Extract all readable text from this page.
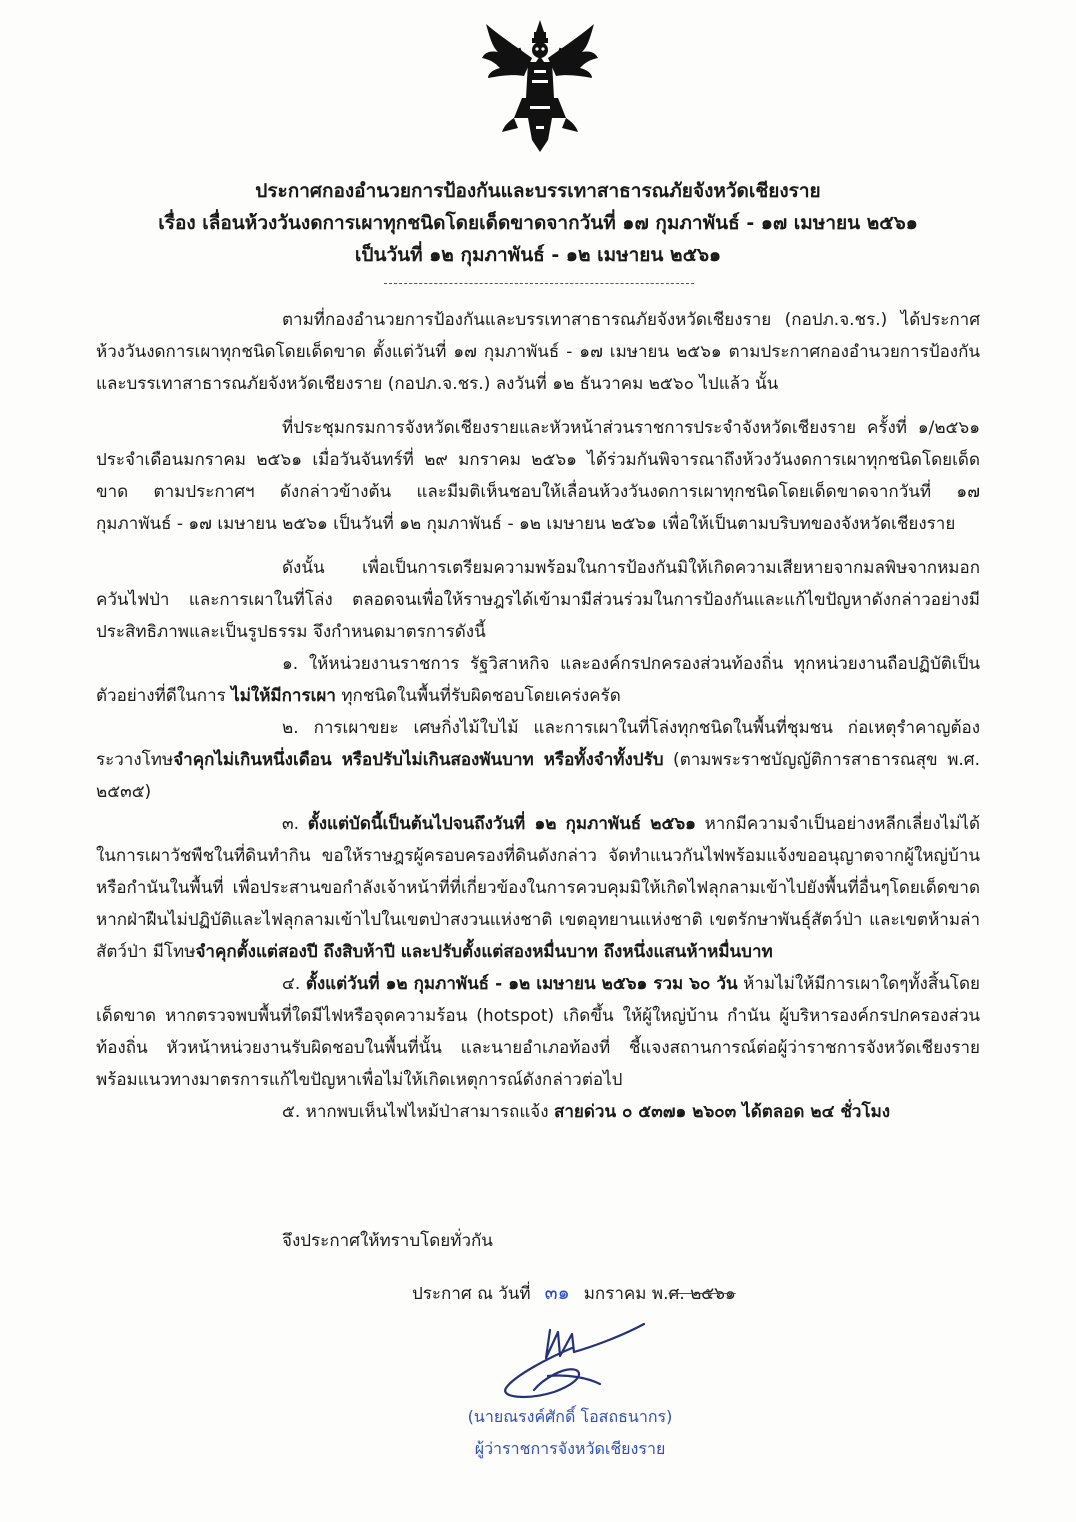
ประกาศกองอำนวยการป้องกันและบรรเทาสาธารณภัยจังหวัดเชียงราย
เรื่อง เลื่อนห้วงวันงดการเผาทุกชนิดโดยเด็ดขาดจากวันที่ ๑๗ กุมภาพันธ์ - ๑๗ เมษายน ๒๕๖๑
เป็นวันที่ ๑๒ กุมภาพันธ์ - ๑๒ เมษายน ๒๕๖๑

ตามที่กองอำนวยการป้องกันและบรรเทาสาธารณภัยจังหวัดเชียงราย (กอปภ.จ.ชร.) ได้ประกาศห้วงวันงดการเผาทุกชนิดโดยเด็ดขาด ตั้งแต่วันที่ ๑๗ กุมภาพันธ์ - ๑๗ เมษายน ๒๕๖๑ ตามประกาศกองอำนวยการป้องกันและบรรเทาสาธารณภัยจังหวัดเชียงราย (กอปภ.จ.ชร.) ลงวันที่ ๑๒ ธันวาคม ๒๕๖๐ ไปแล้ว นั้น

ที่ประชุมกรมการจังหวัดเชียงรายและหัวหน้าส่วนราชการประจำจังหวัดเชียงราย ครั้งที่ ๑/๒๕๖๑ ประจำเดือนมกราคม ๒๕๖๑ เมื่อวันจันทร์ที่ ๒๙ มกราคม ๒๕๖๑ ได้ร่วมกันพิจารณาถึงห้วงวันงดการเผาทุกชนิดโดยเด็ดขาด ตามประกาศฯ ดังกล่าวข้างต้น และมีมติเห็นชอบให้เลื่อนห้วงวันงดการเผาทุกชนิดโดยเด็ดขาดจากวันที่ ๑๗ กุมภาพันธ์ - ๑๗ เมษายน ๒๕๖๑ เป็นวันที่ ๑๒ กุมภาพันธ์ - ๑๒ เมษายน ๒๕๖๑ เพื่อให้เป็นตามบริบทของจังหวัดเชียงราย

ดังนั้น เพื่อเป็นการเตรียมความพร้อมในการป้องกันมิให้เกิดความเสียหายจากมลพิษจากหมอกควันไฟป่า และการเผาในที่โล่ง ตลอดจนเพื่อให้ราษฎรได้เข้ามามีส่วนร่วมในการป้องกันและแก้ไขปัญหาดังกล่าวอย่างมีประสิทธิภาพและเป็นรูปธรรม จึงกำหนดมาตรการดังนี้

๑. ให้หน่วยงานราชการ รัฐวิสาหกิจ และองค์กรปกครองส่วนท้องถิ่น ทุกหน่วยงานถือปฏิบัติเป็นตัวอย่างที่ดีในการ ไม่ให้มีการเผา ทุกชนิดในพื้นที่รับผิดชอบโดยเคร่งครัด

๒. การเผาขยะ เศษกิ่งไม้ใบไม้ และการเผาในที่โล่งทุกชนิดในพื้นที่ชุมชน ก่อเหตุรำคาญต้องระวางโทษจำคุกไม่เกินหนึ่งเดือน หรือปรับไม่เกินสองพันบาท หรือทั้งจำทั้งปรับ (ตามพระราชบัญญัติการสาธารณสุข พ.ศ. ๒๕๓๕)

๓. ตั้งแต่บัดนี้เป็นต้นไปจนถึงวันที่ ๑๒ กุมภาพันธ์ ๒๕๖๑ หากมีความจำเป็นอย่างหลีกเลี่ยงไม่ได้ในการเผาวัชพืชในที่ดินทำกิน ขอให้ราษฎรผู้ครอบครองที่ดินดังกล่าว จัดทำแนวกันไฟพร้อมแจ้งขออนุญาตจากผู้ใหญ่บ้านหรือกำนันในพื้นที่ เพื่อประสานขอกำลังเจ้าหน้าที่ที่เกี่ยวข้องในการควบคุมมิให้เกิดไฟลุกลามเข้าไปยังพื้นที่อื่นๆโดยเด็ดขาด หากฝ่าฝืนไม่ปฏิบัติและไฟลุกลามเข้าไปในเขตป่าสงวนแห่งชาติ เขตอุทยานแห่งชาติ เขตรักษาพันธุ์สัตว์ป่า และเขตห้ามล่าสัตว์ป่า มีโทษจำคุกตั้งแต่สองปี ถึงสิบห้าปี และปรับตั้งแต่สองหมื่นบาท ถึงหนึ่งแสนห้าหมื่นบาท

๔. ตั้งแต่วันที่ ๑๒ กุมภาพันธ์ - ๑๒ เมษายน ๒๕๖๑ รวม ๖๐ วัน ห้ามไม่ให้มีการเผาใดๆทั้งสิ้นโดยเด็ดขาด หากตรวจพบพื้นที่ใดมีไฟหรือจุดความร้อน (hotspot) เกิดขึ้น ให้ผู้ใหญ่บ้าน กำนัน ผู้บริหารองค์กรปกครองส่วนท้องถิ่น หัวหน้าหน่วยงานรับผิดชอบในพื้นที่นั้น และนายอำเภอท้องที่ ชี้แจงสถานการณ์ต่อผู้ว่าราชการจังหวัดเชียงราย พร้อมแนวทางมาตรการแก้ไขปัญหาเพื่อไม่ให้เกิดเหตุการณ์ดังกล่าวต่อไป

๕. หากพบเห็นไฟไหม้ป่าสามารถแจ้ง สายด่วน ๐ ๕๓๗๑ ๒๖๐๓ ได้ตลอด ๒๔ ชั่วโมง

จึงประกาศให้ทราบโดยทั่วกัน
ประกาศ ณ วันที่ ๓๑ มกราคม พ.ศ. ๒๕๖๑
(นายณรงค์ศักดิ์ โอสถธนากร)
ผู้ว่าราชการจังหวัดเชียงราย
